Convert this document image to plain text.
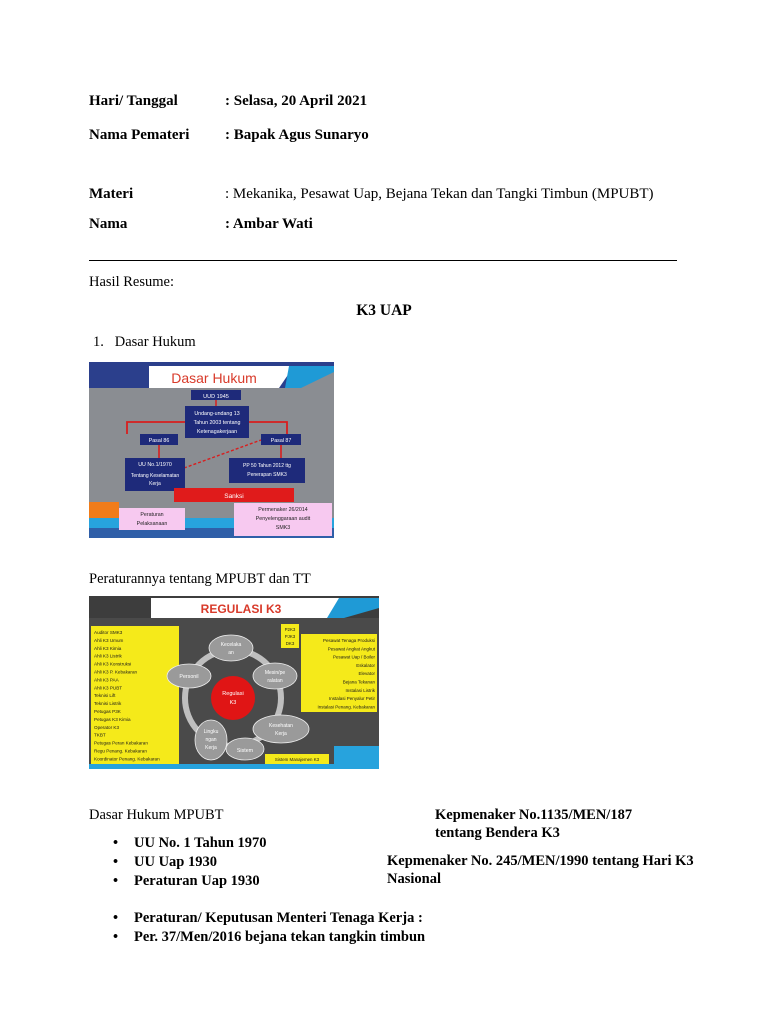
Hari/ Tanggal	: Selasa, 20 April 2021
Nama Pemateri : Bapak Agus Sunaryo
Materi	: Mekanika, Pesawat Uap, Bejana Tekan dan Tangki Timbun (MPUBT)
Nama	: Ambar Wati
Hasil Resume:
K3 UAP
1.   Dasar Hukum
Dasar Hukum
UUD 1945
Undang-undang 13
Tahun 2003 tentang
Ketenagakerjaan
Pasal 86	Pasal 87
UU No.1/1970
Tentang Keselamatan
Kerja
PP 50 Tahun 2012 ttg
Penerapan SMK3
Sanksi
Peraturan
Pelaksanaan
Permenaker 26/2014
Penyelenggaraan audit
SMK3
Peraturannya tentang MPUBT dan TT
REGULASI K3
Auditor SMK3
Ahli K3 Umum
Ahli K3 Kimia
Ahli K3 Listrik
Ahli K3 Konstruksi
Ahli K3 P. Kebakaran
Ahli K3 PAA
Ahli K3 PUBT
Teknisi Lift
Teknisi Listrik
Petugas P3K
Petugas K3 Kimia
Operator K3
TKBT
Petugas Peran Kebakaran
Regu Penang. Kebakaran
Koordinator Penang. Kebakaran
P2K3
PJK3
DK3
Pesawat Tenaga Produksi
Pesawat Angkat Angkut
Pesawat Uap / Boiler
Eskalator
Elevator
Bejana Tekanan
Instalasi Listrik
Instalasi Penyalur Petir
Instalasi Penang. Kebakaran
Regulasi
K3
Kecelaka
an
Personil
Mesin/pe
ralatan
Lingku
ngan
Kerja
Kesehatan
Kerja
Sistem
Sistem Manajemen K3
Dasar Hukum MPUBT
• UU No. 1 Tahun 1970
• UU Uap 1930
• Peraturan Uap 1930
• Peraturan/ Keputusan Menteri Tenaga Kerja :
• Per. 37/Men/2016 bejana tekan tangkin timbun
Kepmenaker No.1135/MEN/187
tentang Bendera K3
Kepmenaker No. 245/MEN/1990 tentang Hari K3
Nasional
